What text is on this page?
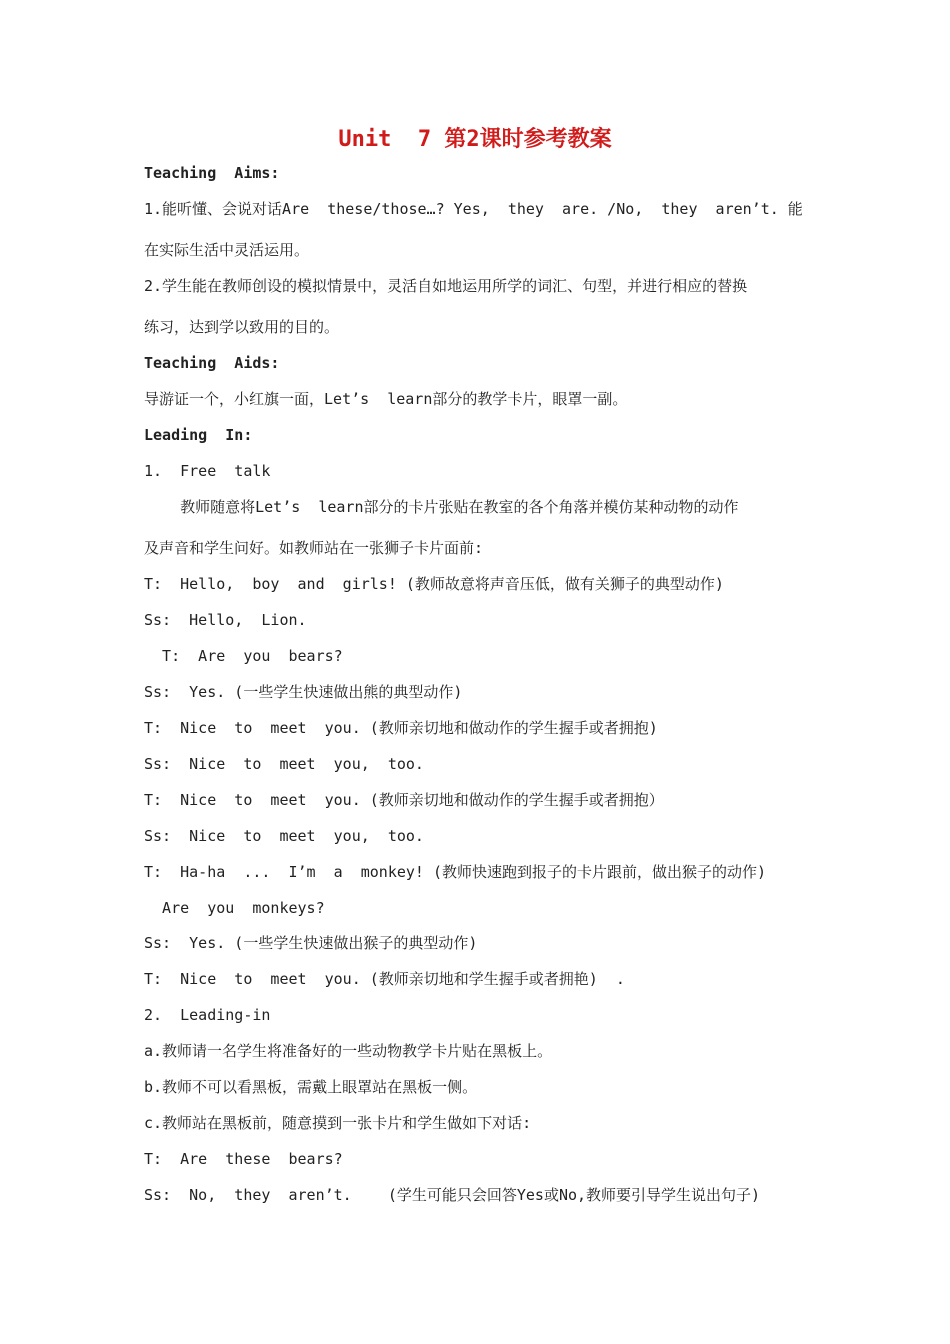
Unit  7 第2课时参考教案
Teaching  Aims:
1.能听懂、会说对话Are  these/those…? Yes,  they  are. /No,  they  aren’t. 能
在实际生活中灵活运用。
2.学生能在教师创设的模拟情景中，灵活自如地运用所学的词汇、句型，并进行相应的替换
练习，达到学以致用的目的。
Teaching  Aids:
导游证一个，小红旗一面，Let’s  learn部分的教学卡片，眼罩一副。
Leading  In:
1.  Free  talk
教师随意将Let’s  learn部分的卡片张贴在教室的各个角落并模仿某种动物的动作
及声音和学生问好。如教师站在一张狮子卡片面前:
T:  Hello,  boy  and  girls! (教师故意将声音压低，做有关狮子的典型动作)
Ss:  Hello,  Lion.
T:  Are  you  bears?
Ss:  Yes. (一些学生快速做出熊的典型动作)
T:  Nice  to  meet  you. (教师亲切地和做动作的学生握手或者拥抱)
Ss:  Nice  to  meet  you,  too.
T:  Nice  to  meet  you. (教师亲切地和做动作的学生握手或者拥抱）
Ss:  Nice  to  meet  you,  too.
T:  Ha-ha  ...  I’m  a  monkey! (教师快速跑到报子的卡片跟前，做出猴子的动作)
Are  you  monkeys?
Ss:  Yes. (一些学生快速做出猴子的典型动作)
T:  Nice  to  meet  you. (教师亲切地和学生握手或者拥艳)  .
2.  Leading-in
a.教师请一名学生将准备好的一些动物教学卡片贴在黑板上。
b.教师不可以看黑板，需戴上眼罩站在黑板一侧。
c.教师站在黑板前，随意摸到一张卡片和学生做如下对话:
T:  Are  these  bears?
Ss:  No,  they  aren’t.    (学生可能只会回答Yes或No,教师要引导学生说出句子)
